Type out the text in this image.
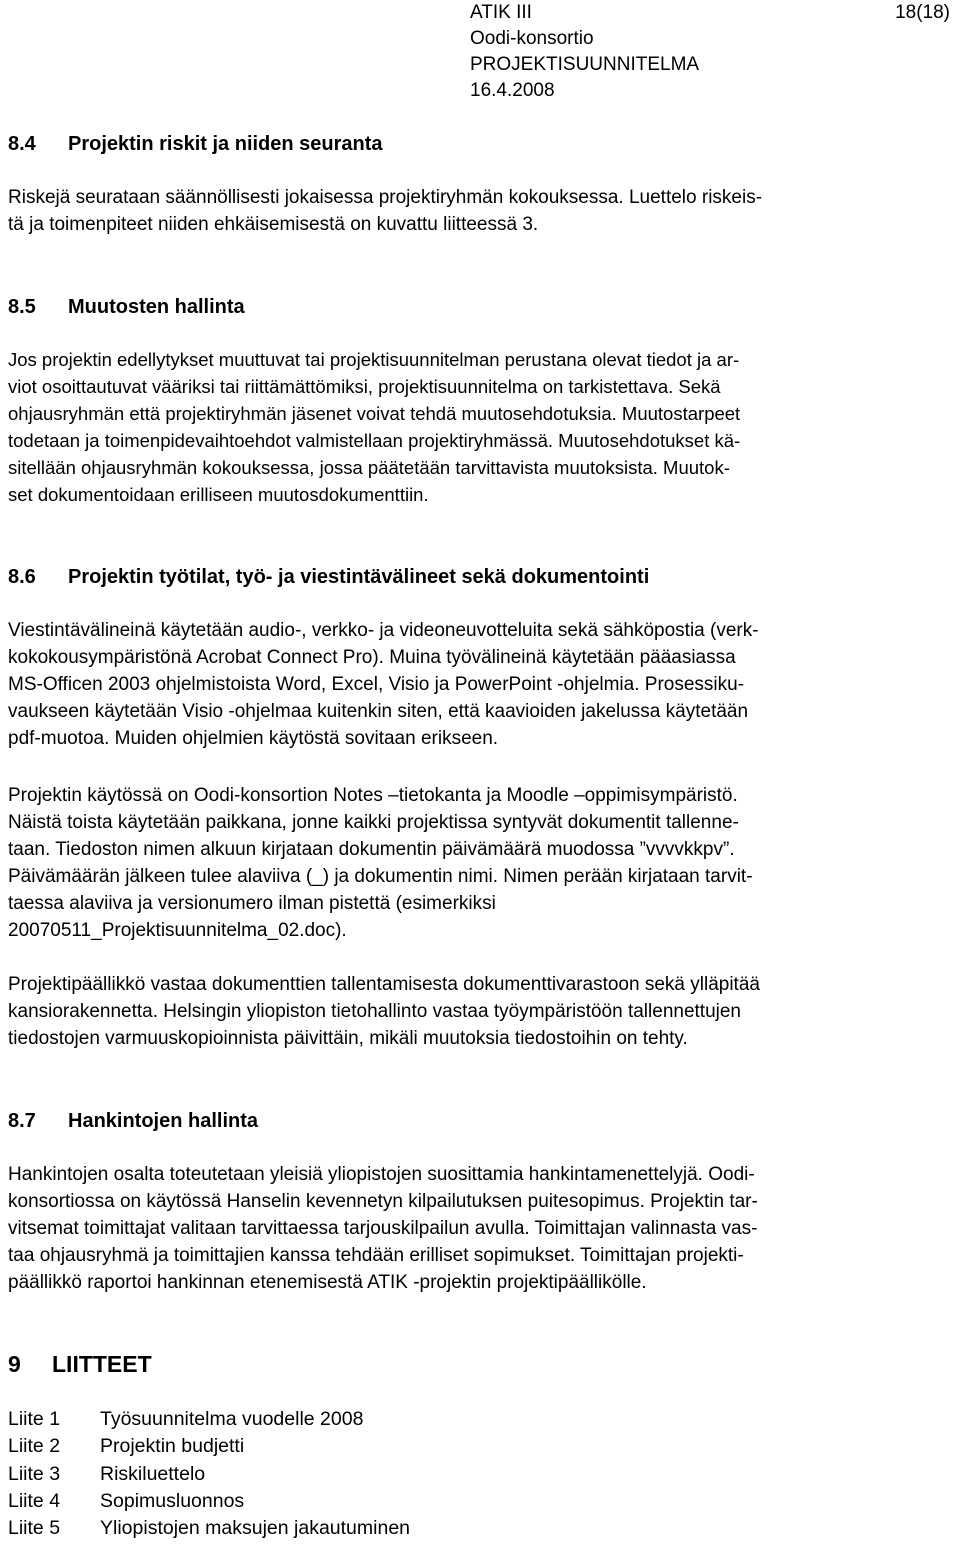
ATIK III	18(18)
Oodi-konsortio
PROJEKTISUUNNITELMA
16.4.2008
8.4	Projektin riskit ja niiden seuranta
Riskejä seurataan säännöllisesti jokaisessa projektiryhmän kokouksessa. Luettelo riskeis-
tä ja toimenpiteet niiden ehkäisemisestä on kuvattu liitteessä 3.
8.5	Muutosten hallinta
Jos projektin edellytykset muuttuvat tai projektisuunnitelman perustana olevat tiedot ja ar-
viot osoittautuvat vääriksi tai riittämättömiksi, projektisuunnitelma on tarkistettava. Sekä
ohjausryhmän että projektiryhmän jäsenet voivat tehdä muutosehdotuksia. Muutostarpeet
todetaan ja toimenpidevaihtoehdot valmistellaan projektiryhmässä. Muutosehdotukset kä-
sitellään ohjausryhmän kokouksessa, jossa päätetään tarvittavista muutoksista. Muutok-
set dokumentoidaan erilliseen muutosdokumenttiin.
8.6	Projektin työtilat, työ- ja viestintävälineet sekä dokumentointi
Viestintävälineinä käytetään audio-, verkko- ja videoneuvotteluita sekä sähköpostia (verk-
kokokousympäristönä Acrobat Connect Pro). Muina työvälineinä käytetään pääasiassa
MS-Officen 2003 ohjelmistoista Word, Excel, Visio ja PowerPoint -ohjelmia. Prosessiku-
vaukseen käytetään Visio -ohjelmaa kuitenkin siten, että kaavioiden jakelussa käytetään
pdf-muotoa. Muiden ohjelmien käytöstä sovitaan erikseen.
Projektin käytössä on Oodi-konsortion Notes –tietokanta ja Moodle –oppimisympäristö.
Näistä toista käytetään paikkana, jonne kaikki projektissa syntyvät dokumentit tallenne-
taan. Tiedoston nimen alkuun kirjataan dokumentin päivämäärä muodossa ”vvvvkkpv”.
Päivämäärän jälkeen tulee alaviiva (_) ja dokumentin nimi. Nimen perään kirjataan tarvit-
taessa alaviiva ja versionumero ilman pistettä (esimerkiksi
20070511_Projektisuunnitelma_02.doc).
Projektipäällikkö vastaa dokumenttien tallentamisesta dokumenttivarastoon sekä ylläpitää
kansiorakennetta. Helsingin yliopiston tietohallinto vastaa työympäristöön tallennettujen
tiedostojen varmuuskopioinnista päivittäin, mikäli muutoksia tiedostoihin on tehty.
8.7	Hankintojen hallinta
Hankintojen osalta toteutetaan yleisiä yliopistojen suosittamia hankintamenettelyjä. Oodi-
konsortiossa on käytössä Hanselin kevennetyn kilpailutuksen puitesopimus. Projektin tar-
vitsemat toimittajat valitaan tarvittaessa tarjouskilpailun avulla. Toimittajan valinnasta vas-
taa ohjausryhmä ja toimittajien kanssa tehdään erilliset sopimukset. Toimittajan projekti-
päällikkö raportoi hankinnan etenemisestä ATIK -projektin projektipäällikölle.
9	LIITTEET
Liite 1	Työsuunnitelma vuodelle 2008
Liite 2	Projektin budjetti
Liite 3	Riskiluettelo
Liite 4	Sopimusluonnos
Liite 5	Yliopistojen maksujen jakautuminen
